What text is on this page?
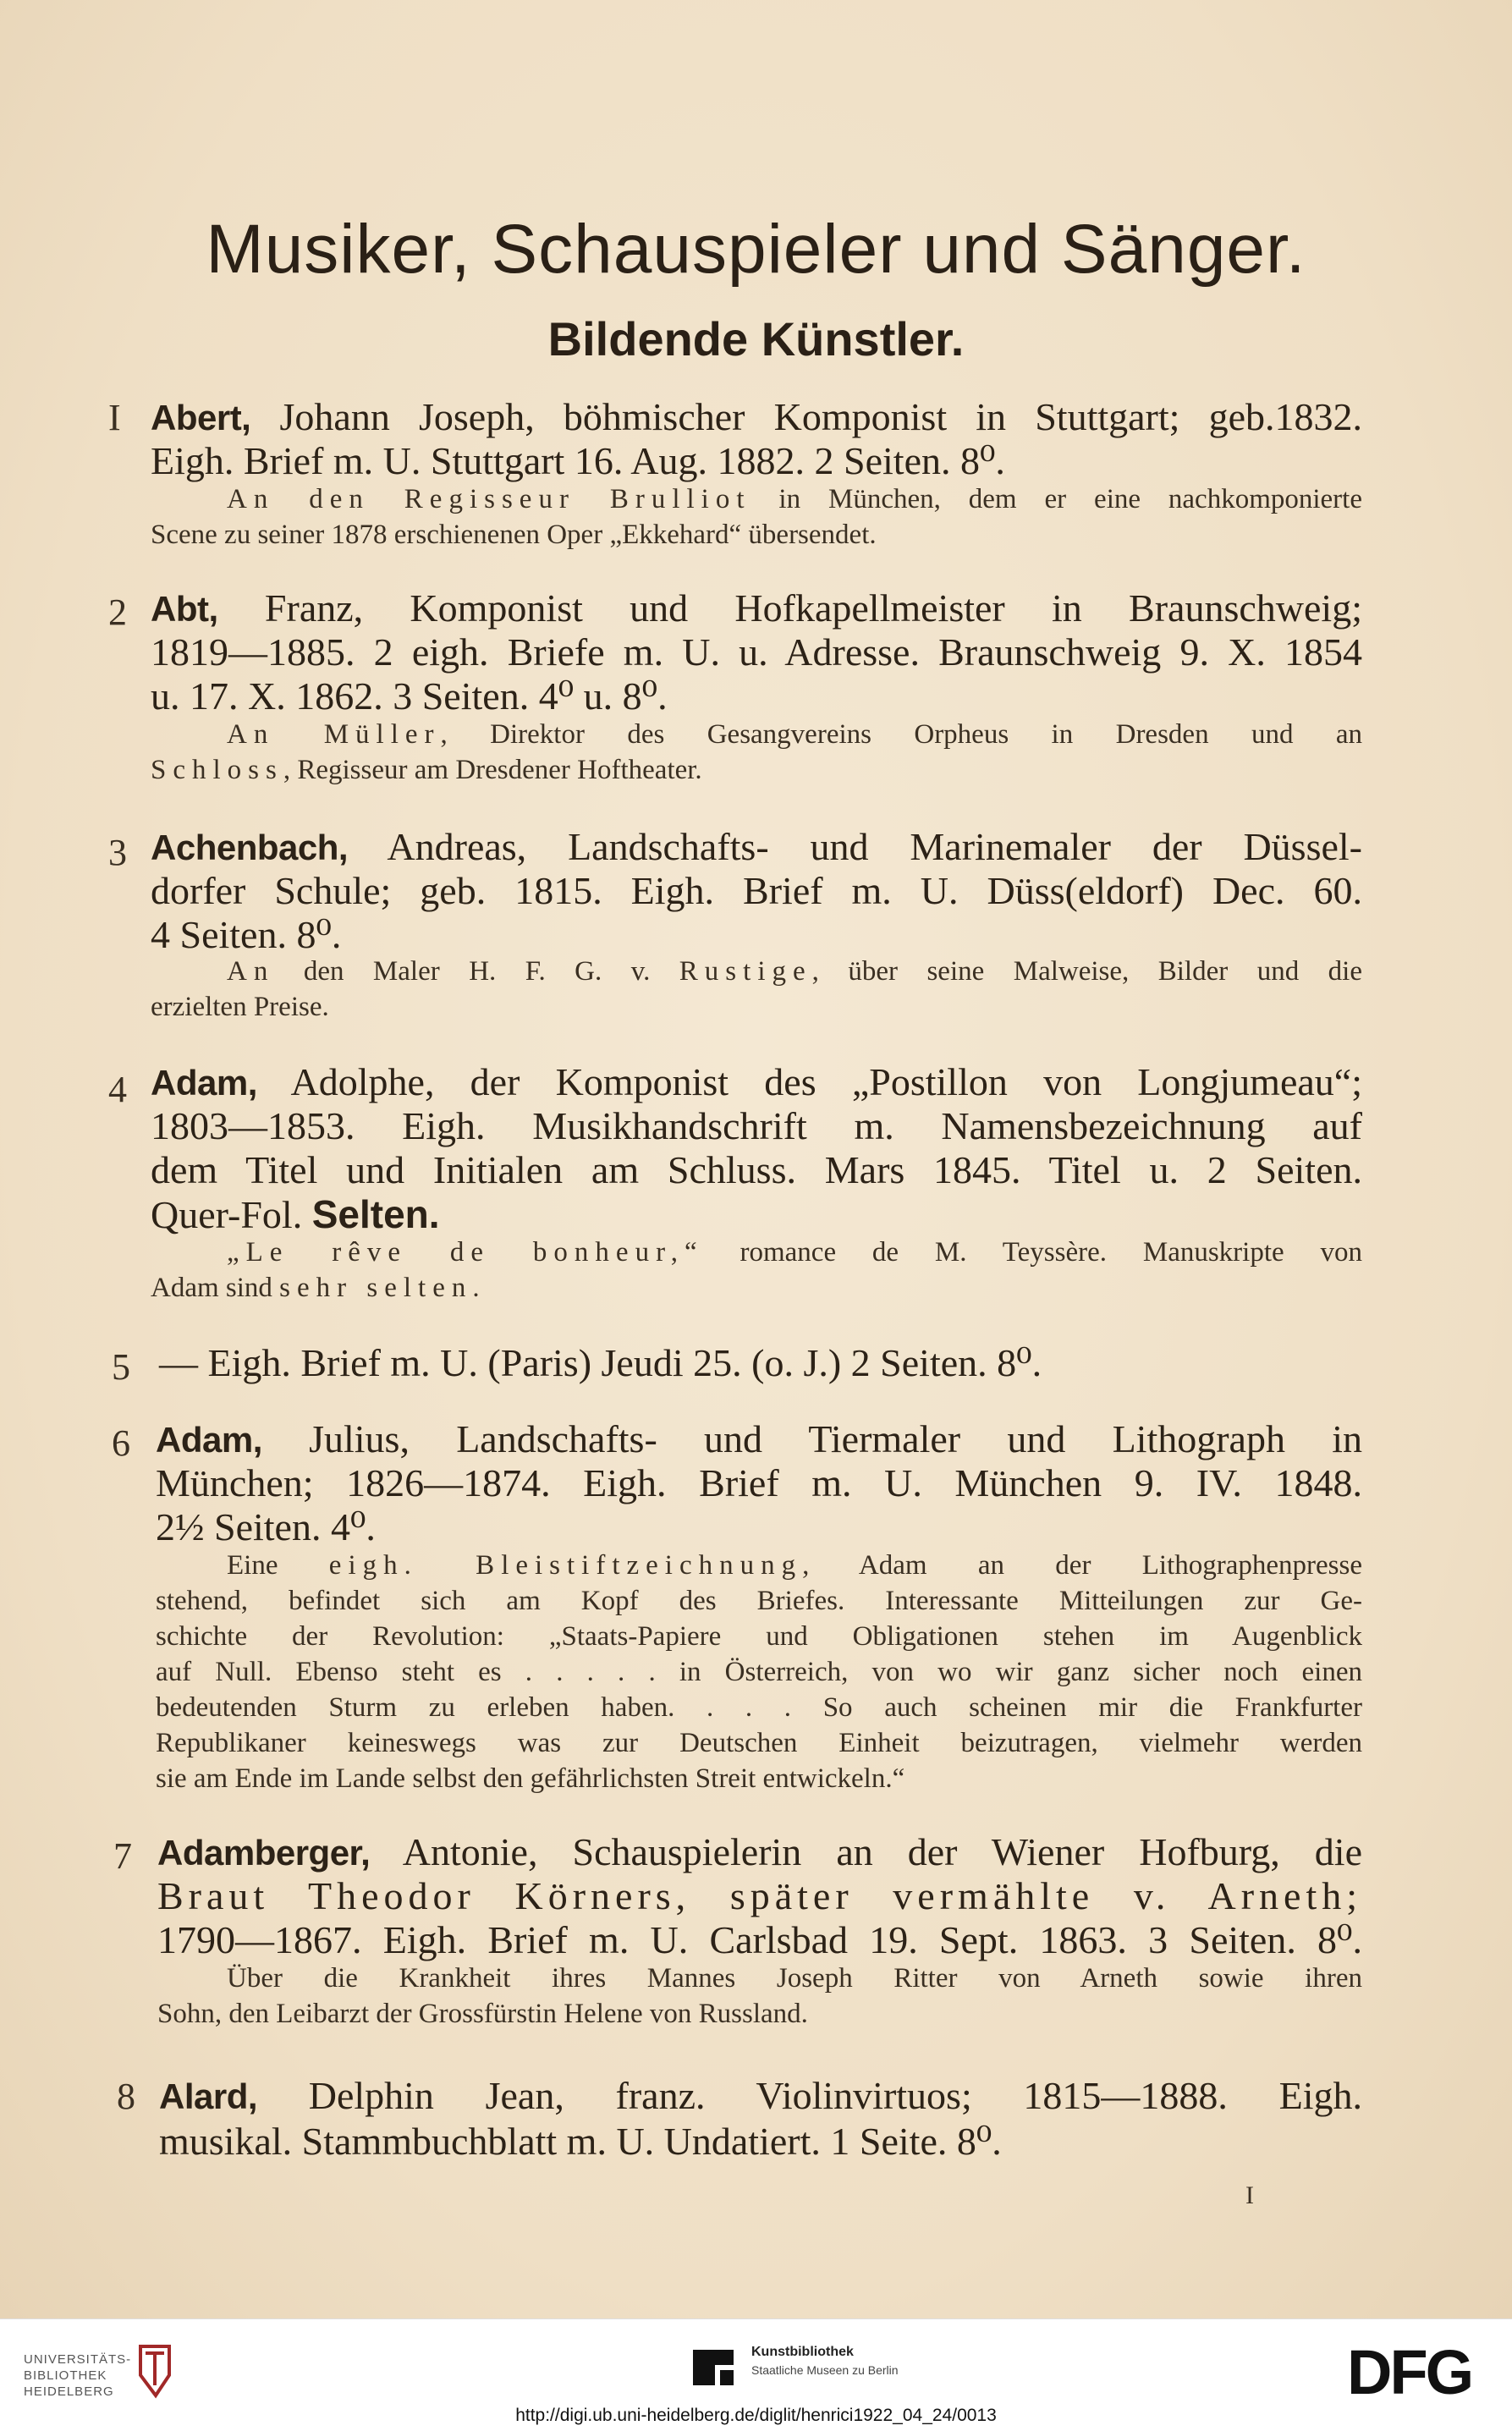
Musiker, Schauspieler und Sänger.
Bildende Künstler.
I Abert, Johann Joseph, böhmischer Komponist in Stuttgart; geb.1832.
Eigh. Brief m. U. Stuttgart 16. Aug. 1882. 2 Seiten. 8⁰.
An den Regisseur Brulliot in München, dem er eine nachkomponierte
Scene zu seiner 1878 erschienenen Oper „Ekkehard“ übersendet.
2 Abt, Franz, Komponist und Hofkapellmeister in Braunschweig;
1819—1885. 2 eigh. Briefe m. U. u. Adresse. Braunschweig 9. X. 1854
u. 17. X. 1862. 3 Seiten. 4⁰ u. 8⁰.
An Müller, Direktor des Gesangvereins Orpheus in Dresden und an
Schloss, Regisseur am Dresdener Hoftheater.
3 Achenbach, Andreas, Landschafts- und Marinemaler der Düssel-
dorfer Schule; geb. 1815. Eigh. Brief m. U. Düss(eldorf) Dec. 60.
4 Seiten. 8⁰.
An den Maler H. F. G. v. Rustige, über seine Malweise, Bilder und die
erzielten Preise.
4 Adam, Adolphe, der Komponist des „Postillon von Longjumeau“;
1803—1853. Eigh. Musikhandschrift m. Namensbezeichnung auf
dem Titel und Initialen am Schluss. Mars 1845. Titel u. 2 Seiten.
Quer-Fol. Selten.
„Le rêve de bonheur,“ romance de M. Teyssère. Manuskripte von
Adam sind sehr selten.
5 — Eigh. Brief m. U. (Paris) Jeudi 25. (o. J.) 2 Seiten. 8⁰.
6 Adam, Julius, Landschafts- und Tiermaler und Lithograph in
München; 1826—1874. Eigh. Brief m. U. München 9. IV. 1848.
2½ Seiten. 4⁰.
Eine eigh. Bleistiftzeichnung, Adam an der Lithographenpresse
stehend, befindet sich am Kopf des Briefes. Interessante Mitteilungen zur Ge-
schichte der Revolution: „Staats-Papiere und Obligationen stehen im Augenblick
auf Null. Ebenso steht es . . . . . in Österreich, von wo wir ganz sicher noch einen
bedeutenden Sturm zu erleben haben. . . . So auch scheinen mir die Frankfurter
Republikaner keineswegs was zur Deutschen Einheit beizutragen, vielmehr werden
sie am Ende im Lande selbst den gefährlichsten Streit entwickeln.“
7 Adamberger, Antonie, Schauspielerin an der Wiener Hofburg, die
Braut Theodor Körners, später vermählte v. Arneth;
1790—1867. Eigh. Brief m. U. Carlsbad 19. Sept. 1863. 3 Seiten. 8⁰.
Über die Krankheit ihres Mannes Joseph Ritter von Arneth sowie ihren
Sohn, den Leibarzt der Grossfürstin Helene von Russland.
8 Alard, Delphin Jean, franz. Violinvirtuos; 1815—1888. Eigh.
musikal. Stammbuchblatt m. U. Undatiert. 1 Seite. 8⁰.
I
UNIVERSITÄTS-
BIBLIOTHEK
HEIDELBERG
Kunstbibliothek
Staatliche Museen zu Berlin	DFG
http://digi.ub.uni-heidelberg.de/diglit/henrici1922_04_24/0013
